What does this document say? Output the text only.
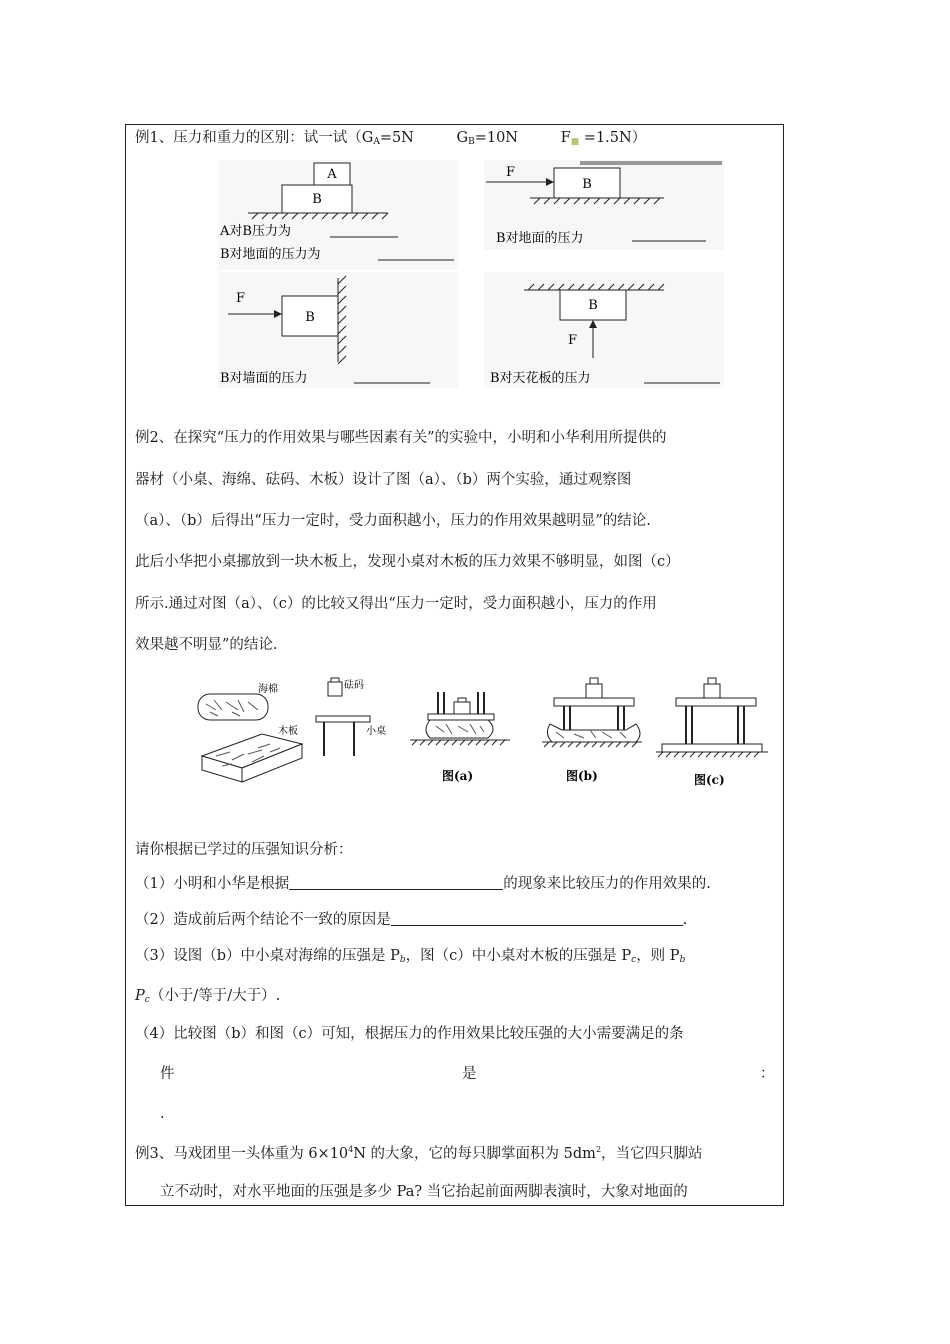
例1、压力和重力的区别：试一试（$G_A=5N$	$G_B=10N$	$F_■ =1.5N$）
A
B
A对B压力为
B对地面的压力为
F
B
B对地面的压力
F
B
B对墙面的压力
B
F
B对天花板的压力
例2、在探究“压力的作用效果与哪些因素有关”的实验中，小明和小华利用所提供的
器材（小桌、海绵、砝码、木板）设计了图（a）、（b）两个实验，通过观察图
（a）、（b）后得出“压力一定时，受力面积越小，压力的作用效果越明显”的结论.
此后小华把小桌挪放到一块木板上，发现小桌对木板的压力效果不够明显，如图（c）
所示.通过对图（a）、（c）的比较又得出“压力一定时，受力面积越小，压力的作用
效果越不明显”的结论.
海棉
木板
砝码
小桌
图(a)	图(b)	图(c)
请你根据已学过的压强知识分析：
（1）小明和小华是根据	的现象来比较压力的作用效果的.
（2）造成前后两个结论不一致的原因是	.
（3）设图（b）中小桌对海绵的压强是 $P_b$，图（c）中小桌对木板的压强是 $P_c$，则 $P_b$
$P_c$（小于/等于/大于）.
（4）比较图（b）和图（c）可知，根据压力的作用效果比较压强的大小需要满足的条
件	是	：
.
例3、马戏团里一头体重为 $6\times 10^4N$ 的大象，它的每只脚掌面积为 $5dm^2$，当它四只脚站
立不动时，对水平地面的压强是多少 Pa? 当它抬起前面两脚表演时，大象对地面的
